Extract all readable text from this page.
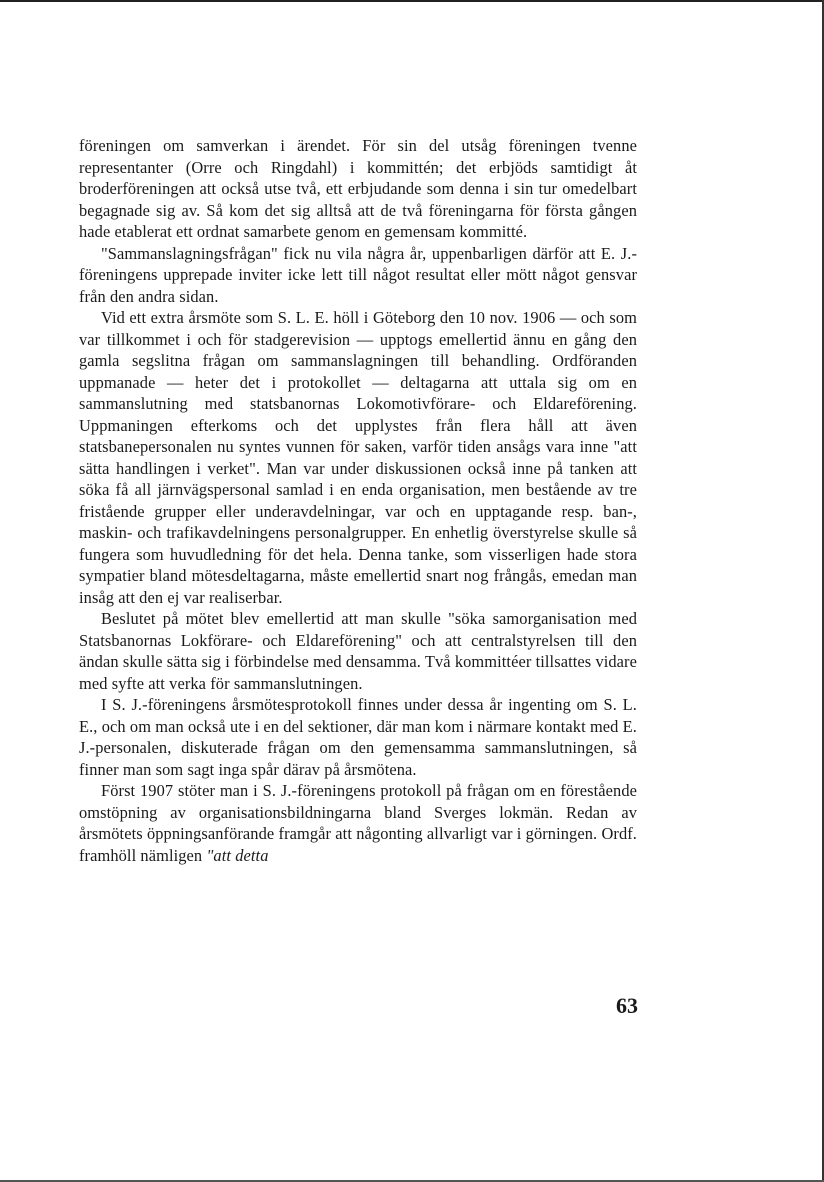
föreningen om samverkan i ärendet. För sin del utsåg föreningen tvenne representanter (Orre och Ringdahl) i kommittén; det erbjöds samtidigt åt broderföreningen att också utse två, ett erbjudande som denna i sin tur omedelbart begagnade sig av. Så kom det sig alltså att de två föreningarna för första gången hade etablerat ett ordnat samarbete genom en gemensam kommitté.

"Sammanslagningsfrågan" fick nu vila några år, uppenbarligen därför att E. J.-föreningens upprepade inviter icke lett till något resultat eller mött något gensvar från den andra sidan.

Vid ett extra årsmöte som S. L. E. höll i Göteborg den 10 nov. 1906 — och som var tillkommet i och för stadgerevision — upptogs emellertid ännu en gång den gamla segslitna frågan om sammanslagningen till behandling. Ordföranden uppmanade — heter det i protokollet — deltagarna att uttala sig om en sammanslutning med statsbanornas Lokomotivförare- och Eldareförening. Uppmaningen efterkoms och det upplystes från flera håll att även statsbanepersonalen nu syntes vunnen för saken, varför tiden ansågs vara inne "att sätta handlingen i verket". Man var under diskussionen också inne på tanken att söka få all järnvägspersonal samlad i en enda organisation, men bestående av tre fristående grupper eller underavdelningar, var och en upptagande resp. ban-, maskin- och trafikavdelningens personalgrupper. En enhetlig överstyrelse skulle så fungera som huvudledning för det hela. Denna tanke, som visserligen hade stora sympatier bland mötesdeltagarna, måste emellertid snart nog frångås, emedan man insåg att den ej var realiserbar.

Beslutet på mötet blev emellertid att man skulle "söka samorganisation med Statsbanornas Lokförare- och Eldareförening" och att centralstyrelsen till den ändan skulle sätta sig i förbindelse med densamma. Två kommittéer tillsattes vidare med syfte att verka för sammanslutningen.

I S. J.-föreningens årsmötesprotokoll finnes under dessa år ingenting om S. L. E., och om man också ute i en del sektioner, där man kom i närmare kontakt med E. J.-personalen, diskuterade frågan om den gemensamma sammanslutningen, så finner man som sagt inga spår därav på årsmötena.

Först 1907 stöter man i S. J.-föreningens protokoll på frågan om en förestående omstöpning av organisationsbildningarna bland Sverges lokmän. Redan av årsmötets öppningsanförande framgår att någonting allvarligt var i görningen. Ordf. framhöll nämligen "att detta

63
